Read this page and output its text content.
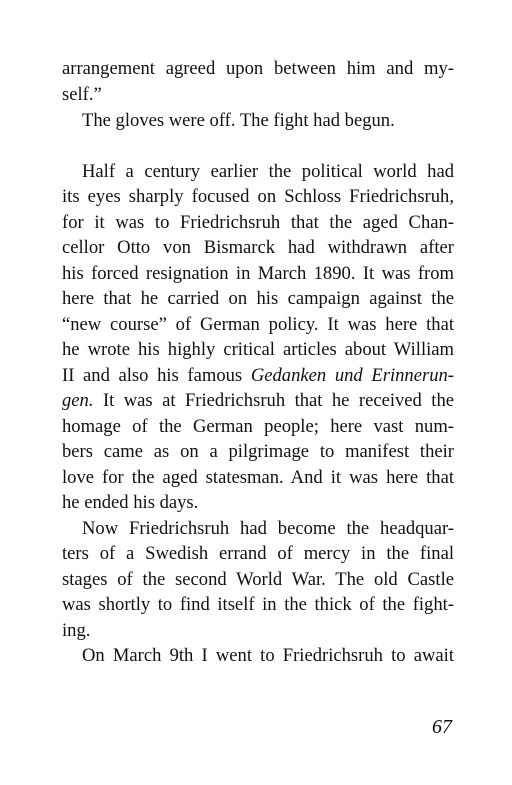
arrangement agreed upon between him and my-
self.”
The gloves were off. The fight had begun.
Half a century earlier the political world had
its eyes sharply focused on Schloss Friedrichsruh,
for it was to Friedrichsruh that the aged Chan-
cellor Otto von Bismarck had withdrawn after
his forced resignation in March 1890. It was from
here that he carried on his campaign against the
“new course” of German policy. It was here that
he wrote his highly critical articles about William
II and also his famous Gedanken und Erinnerun-
gen. It was at Friedrichsruh that he received the
homage of the German people; here vast num-
bers came as on a pilgrimage to manifest their
love for the aged statesman. And it was here that
he ended his days.
Now Friedrichsruh had become the headquar-
ters of a Swedish errand of mercy in the final
stages of the second World War. The old Castle
was shortly to find itself in the thick of the fight-
ing.
On March 9th I went to Friedrichsruh to await
67
